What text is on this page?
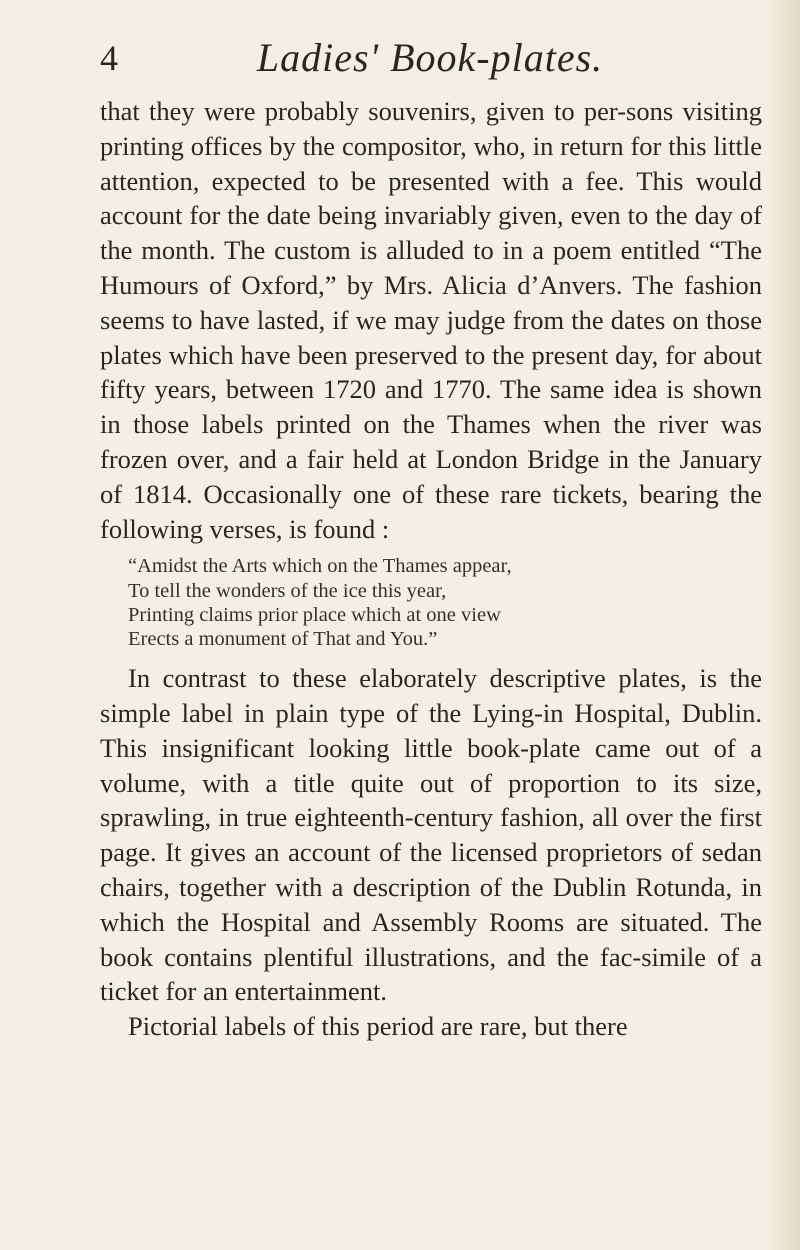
4	Ladies' Book-plates.

that they were probably souvenirs, given to per-sons visiting printing offices by the compositor, who, in return for this little attention, expected to be presented with a fee. This would account for the date being invariably given, even to the day of the month. The custom is alluded to in a poem entitled “The Humours of Oxford,” by Mrs. Alicia d’Anvers. The fashion seems to have lasted, if we may judge from the dates on those plates which have been preserved to the present day, for about fifty years, between 1720 and 1770. The same idea is shown in those labels printed on the Thames when the river was frozen over, and a fair held at London Bridge in the January of 1814. Occasionally one of these rare tickets, bearing the following verses, is found :

“Amidst the Arts which on the Thames appear,
To tell the wonders of the ice this year,
Printing claims prior place which at one view
Erects a monument of That and You.”

In contrast to these elaborately descriptive plates, is the simple label in plain type of the Lying-in Hospital, Dublin. This insignificant looking little book-plate came out of a volume, with a title quite out of proportion to its size, sprawling, in true eighteenth-century fashion, all over the first page. It gives an account of the licensed proprietors of sedan chairs, together with a description of the Dublin Rotunda, in which the Hospital and Assembly Rooms are situated. The book contains plentiful illustrations, and the fac-simile of a ticket for an entertainment.

Pictorial labels of this period are rare, but there
